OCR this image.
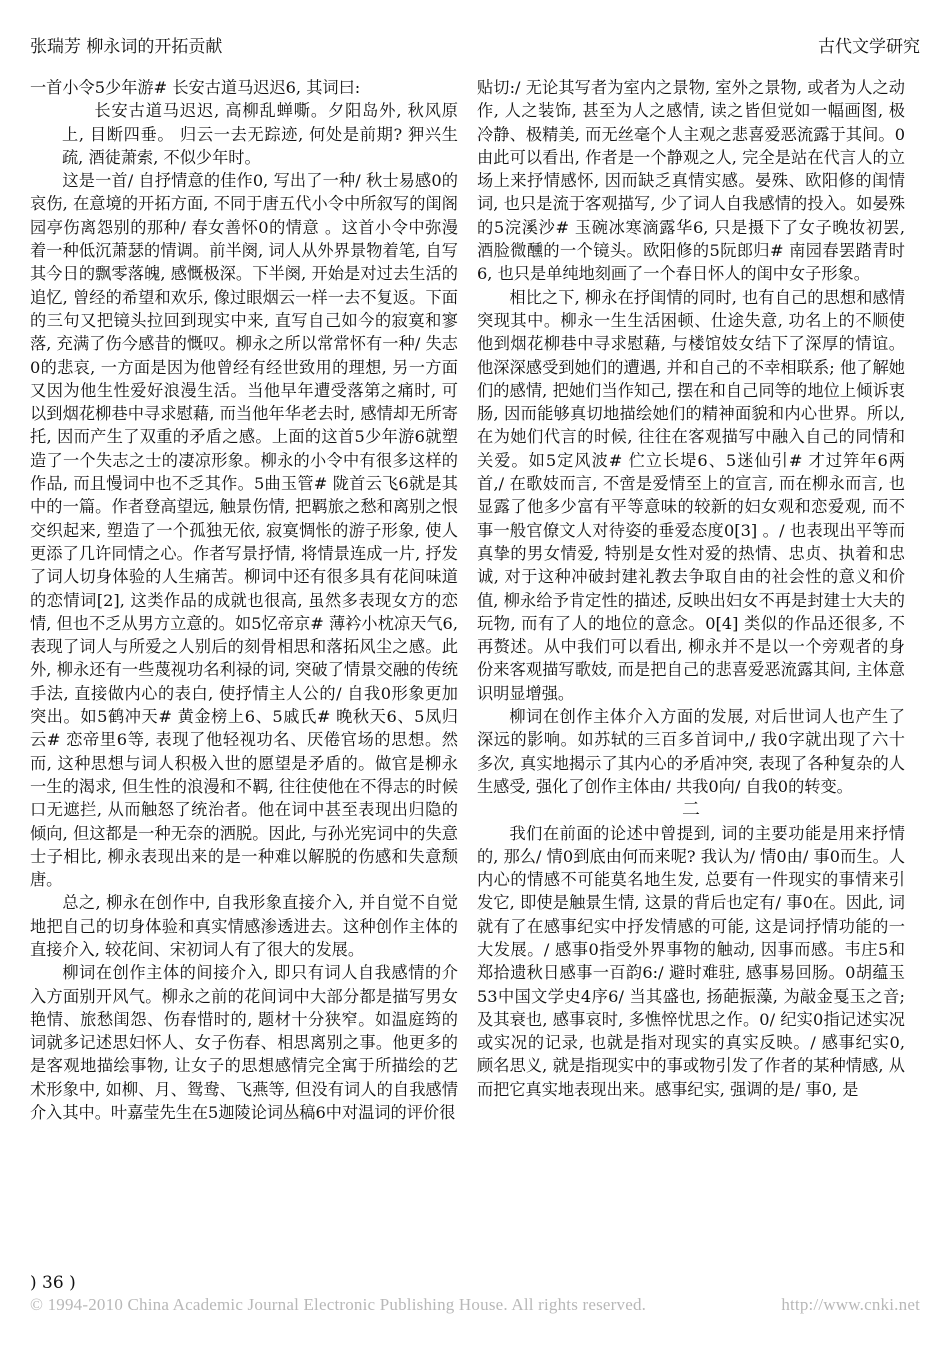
张瑞芳 柳永词的开拓贡献	古代文学研究

一首小令5少年游# 长安古道马迟迟6, 其词曰:

长安古道马迟迟, 高柳乱蝉嘶。夕阳岛外, 秋风原上, 目断四垂。 归云一去无踪迹, 何处是前期? 狎兴生疏, 酒徒萧索, 不似少年时。

这是一首/ 自抒情意的佳作0, 写出了一种/ 秋士易感0的哀伤, 在意境的开拓方面, 不同于唐五代小令中所叙写的闺阁园亭伤离怨别的那种/ 春女善怀0的情意 。这首小令中弥漫着一种低沉萧瑟的情调。前半阕, 词人从外界景物着笔, 自写其今日的飘零落魄, 感慨极深。下半阕, 开始是对过去生活的追忆, 曾经的希望和欢乐, 像过眼烟云一样一去不复返。下面的三句又把镜头拉回到现实中来, 直写自己如今的寂寞和寥落, 充满了伤今感昔的慨叹。柳永之所以常常怀有一种/ 失志0的悲哀, 一方面是因为他曾经有经世致用的理想, 另一方面又因为他生性爱好浪漫生活。当他早年遭受落第之痛时, 可以到烟花柳巷中寻求慰藉, 而当他年华老去时, 感情却无所寄托, 因而产生了双重的矛盾之感。上面的这首5少年游6就塑造了一个失志之士的凄凉形象。柳永的小令中有很多这样的作品, 而且慢词中也不乏其作。5曲玉管# 陇首云飞6就是其中的一篇。作者登高望远, 触景伤情, 把羁旅之愁和离别之恨交织起来, 塑造了一个孤独无依, 寂寞惆怅的游子形象, 使人更添了几许同情之心。作者写景抒情, 将情景连成一片, 抒发了词人切身体验的人生痛苦。柳词中还有很多具有花间味道的恋情词[2], 这类作品的成就也很高, 虽然多表现女方的恋情, 但也不乏从男方立意的。如5忆帝京# 薄衿小枕凉天气6, 表现了词人与所爱之人别后的刻骨相思和落拓风尘之感。此外, 柳永还有一些蔑视功名利禄的词, 突破了情景交融的传统手法, 直接做内心的表白, 使抒情主人公的/ 自我0形象更加突出。如5鹤冲天# 黄金榜上6、5戚氏# 晚秋天6、5凤归云# 恋帝里6等, 表现了他轻视功名、厌倦官场的思想。然而, 这种思想与词人积极入世的愿望是矛盾的。做官是柳永一生的渴求, 但生性的浪漫和不羁, 往往使他在不得志的时候口无遮拦, 从而触怒了统治者。他在词中甚至表现出归隐的倾向, 但这都是一种无奈的洒脱。因此, 与孙光宪词中的失意士子相比, 柳永表现出来的是一种难以解脱的伤感和失意颓唐。

总之, 柳永在创作中, 自我形象直接介入, 并自觉不自觉地把自己的切身体验和真实情感渗透进去。这种创作主体的直接介入, 较花间、宋初词人有了很大的发展。

柳词在创作主体的间接介入, 即只有词人自我感情的介入方面别开风气。柳永之前的花间词中大部分都是描写男女艳情、旅愁闺怨、伤春惜时的, 题材十分狭窄。如温庭筠的词就多记述思妇怀人、女子伤春、相思离别之事。他更多的是客观地描绘事物, 让女子的思想感情完全寓于所描绘的艺术形象中, 如柳、月、鸳鸯、飞燕等, 但没有词人的自我感情介入其中。叶嘉莹先生在5迦陵论词丛稿6中对温词的评价很

贴切:/ 无论其写者为室内之景物, 室外之景物, 或者为人之动作, 人之装饰, 甚至为人之感情, 读之皆但觉如一幅画图, 极冷静、极精美, 而无丝毫个人主观之悲喜爱恶流露于其间。0由此可以看出, 作者是一个静观之人, 完全是站在代言人的立场上来抒情感怀, 因而缺乏真情实感。晏殊、欧阳修的闺情词, 也只是流于客观描写, 少了词人自我感情的投入。如晏殊的5浣溪沙# 玉碗冰寒滴露华6, 只是摄下了女子晚妆初罢, 酒脸微醺的一个镜头。欧阳修的5阮郎归# 南园春罢踏青时6, 也只是单纯地刻画了一个春日怀人的闺中女子形象。

相比之下, 柳永在抒闺情的同时, 也有自己的思想和感情突现其中。柳永一生生活困顿、仕途失意, 功名上的不顺使他到烟花柳巷中寻求慰藉, 与楼馆妓女结下了深厚的情谊。他深深感受到她们的遭遇, 并和自己的不幸相联系; 他了解她们的感情, 把她们当作知己, 摆在和自己同等的地位上倾诉衷肠, 因而能够真切地描绘她们的精神面貌和内心世界。所以, 在为她们代言的时候, 往往在客观描写中融入自己的同情和关爱。如5定风波# 伫立长堤6、5迷仙引# 才过笄年6两首,/ 在歌妓而言, 不啻是爱情至上的宣言, 而在柳永而言, 也显露了他多少富有平等意味的较新的妇女观和恋爱观, 而不事一般官僚文人对待姿的垂爱态度0[3] 。/ 也表现出平等而真挚的男女情爱, 特别是女性对爱的热情、忠贞、执着和忠诚, 对于这种冲破封建礼教去争取自由的社会性的意义和价值, 柳永给予肯定性的描述, 反映出妇女不再是封建士大夫的玩物, 而有了人的地位的意念。0[4] 类似的作品还很多, 不再赘述。从中我们可以看出, 柳永并不是以一个旁观者的身份来客观描写歌妓, 而是把自己的悲喜爱恶流露其间, 主体意识明显增强。

柳词在创作主体介入方面的发展, 对后世词人也产生了深远的影响。如苏轼的三百多首词中,/ 我0字就出现了六十多次, 真实地揭示了其内心的矛盾冲突, 表现了各种复杂的人生感受, 强化了创作主体由/ 共我0向/ 自我0的转变。

二

我们在前面的论述中曾提到, 词的主要功能是用来抒情的, 那么/ 情0到底由何而来呢? 我认为/ 情0由/ 事0而生。人内心的情感不可能莫名地生发, 总要有一件现实的事情来引发它, 即使是触景生情, 这景的背后也定有/ 事0在。因此, 词就有了在感事纪实中抒发情感的可能, 这是词抒情功能的一大发展。/ 感事0指受外界事物的触动, 因事而感。韦庄5和郑拾遗秋日感事一百韵6:/ 避时难驻, 感事易回肠。0胡蕴玉53中国文学史4序6/ 当其盛也, 扬葩振藻, 为敲金戛玉之音; 及其衰也, 感事哀时, 多憔悴忧思之作。0/ 纪实0指记述实况或实况的记录, 也就是指对现实的真实反映。/ 感事纪实0, 顾名思义, 就是指现实中的事或物引发了作者的某种情感, 从而把它真实地表现出来。感事纪实, 强调的是/ 事0, 是

) 36 )
© 1994-2010 China Academic Journal Electronic Publishing House. All rights reserved.	http://www.cnki.net
